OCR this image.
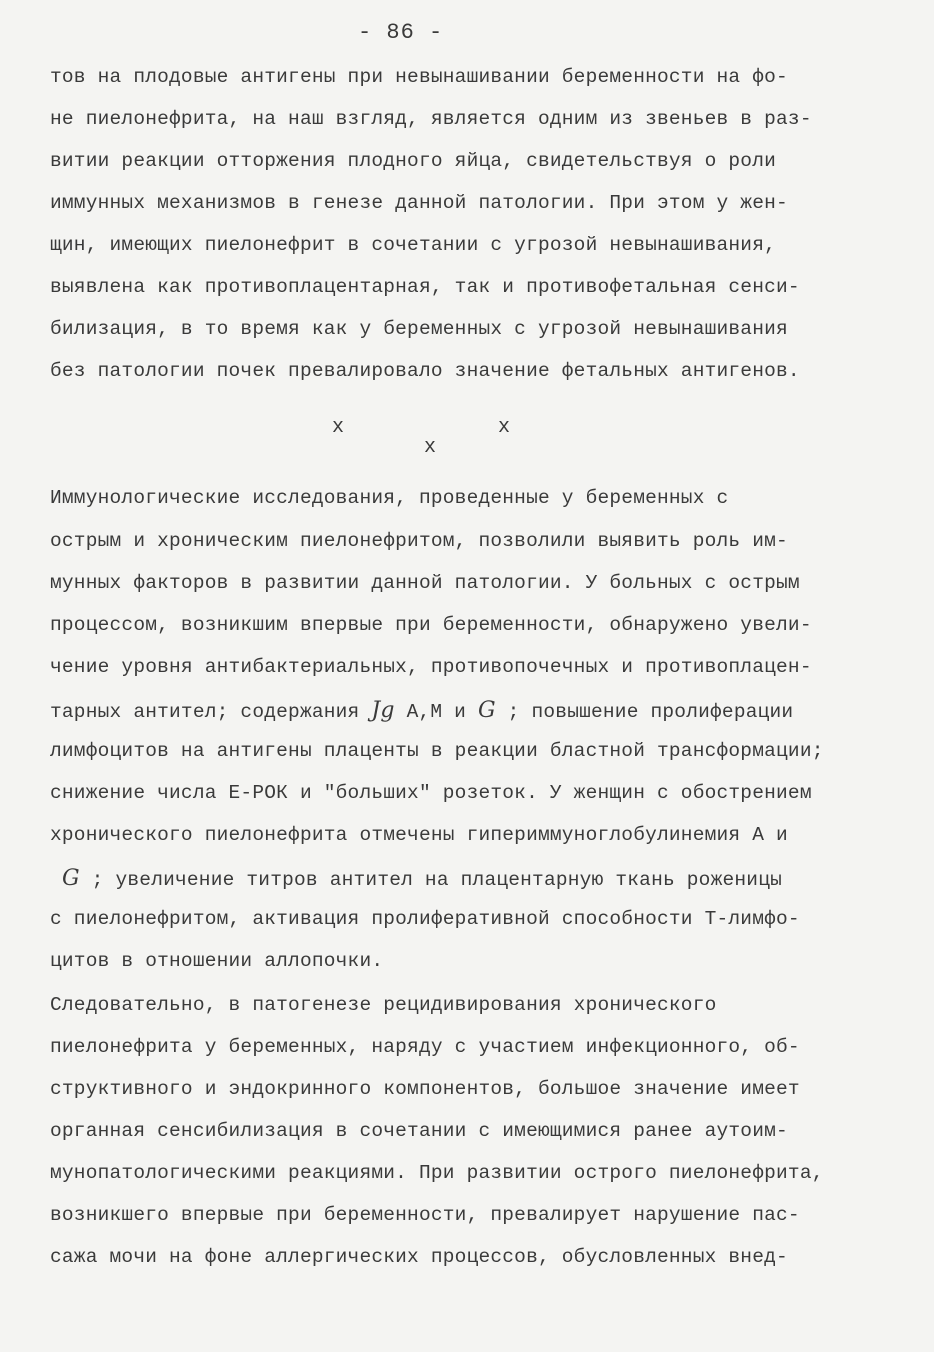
- 86 -
тов на плодовые антигены при невынашивании беременности на фо-
не пиелонефрита, на наш взгляд, является одним из звеньев в раз-
витии реакции отторжения плодного яйца, свидетельствуя о роли
иммунных механизмов в генезе данной патологии. При этом у жен-
щин, имеющих пиелонефрит в сочетании с угрозой невынашивания,
выявлена как противоплацентарная, так и противофетальная сенси-
билизация, в то время как у беременных с угрозой невынашивания
без патологии почек превалировало значение фетальных антигенов.
x
x
x
Иммунологические исследования, проведенные у беременных с
острым и хроническим пиелонефритом, позволили выявить роль им-
мунных факторов в развитии данной патологии. У больных с острым
процессом, возникшим впервые при беременности, обнаружено увели-
чение уровня антибактериальных, противопочечных и противоплацен-
тарных антител; содержания Jg А,М и G ; повышение пролиферации
лимфоцитов на антигены плаценты в реакции бластной трансформации;
снижение числа Е-РОК и "больших" розеток. У женщин с обострением
хронического пиелонефрита отмечены гипериммуноглобулинемия А и
G ; увеличение титров антител на плацентарную ткань роженицы
с пиелонефритом, активация пролиферативной способности Т-лимфо-
цитов в отношении аллопочки.
Следовательно, в патогенезе рецидивирования хронического
пиелонефрита у беременных, наряду с участием инфекционного, об-
структивного и эндокринного компонентов, большое значение имеет
органная сенсибилизация в сочетании с имеющимися ранее аутоим-
мунопатологическими реакциями. При развитии острого пиелонефрита,
возникшего впервые при беременности, превалирует нарушение пас-
сажа мочи на фоне аллергических процессов, обусловленных внед-
